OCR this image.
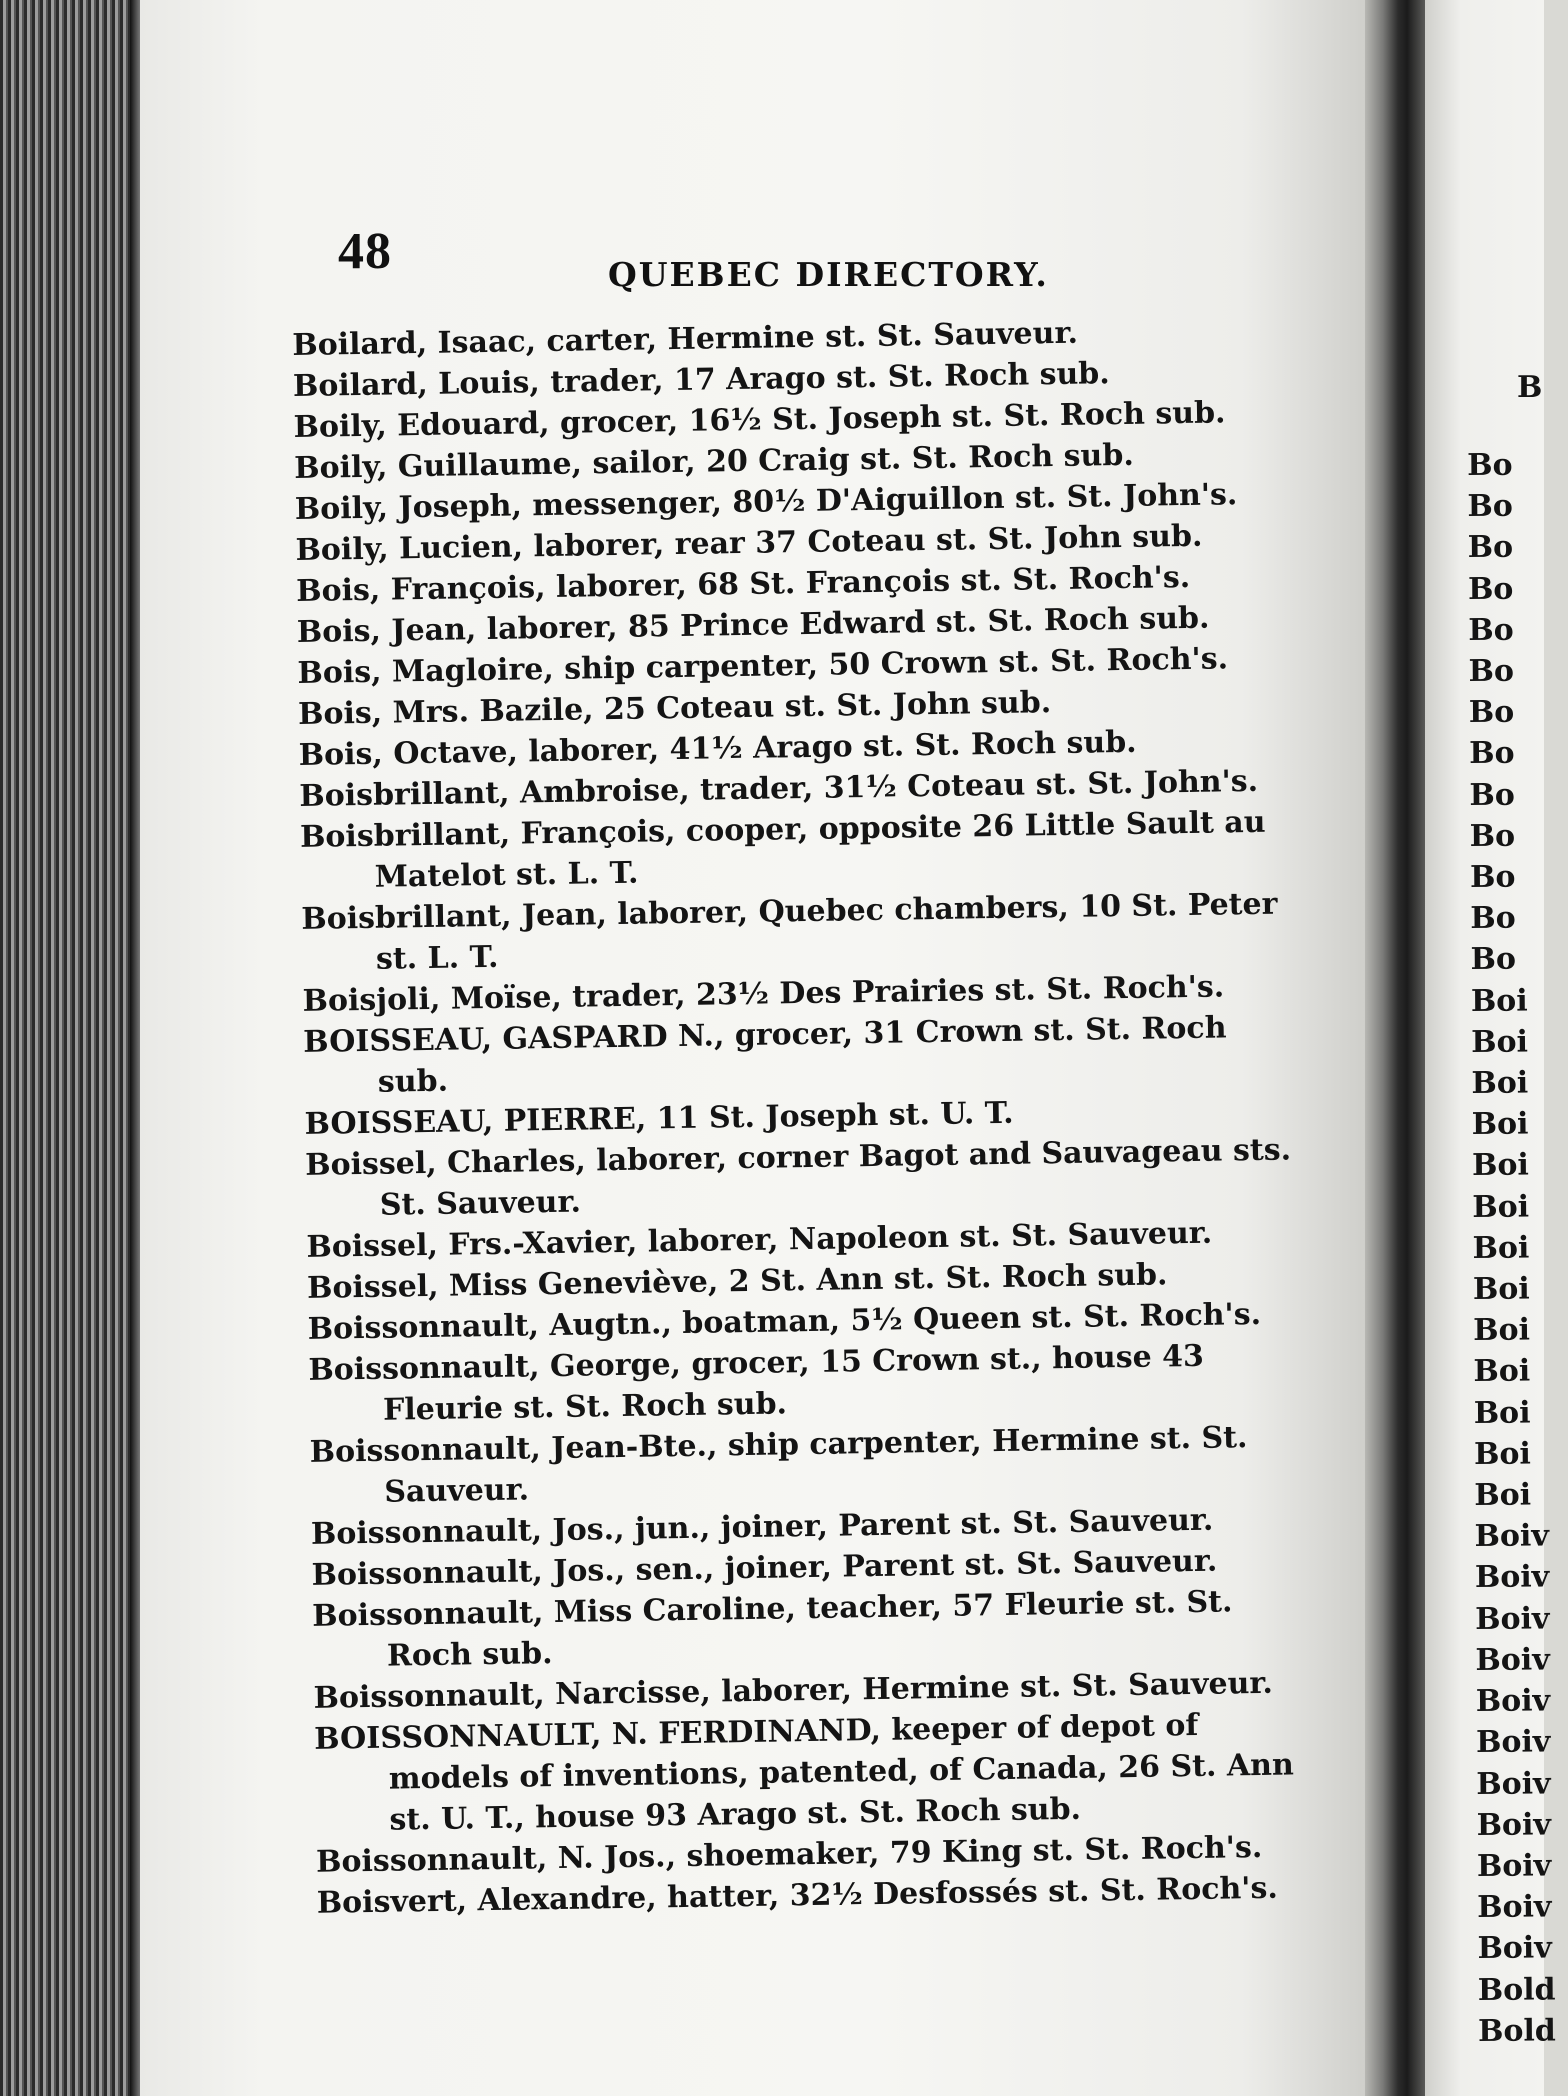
48	QUEBEC DIRECTORY.
Boilard, Isaac, carter, Hermine st. St. Sauveur.
Boilard, Louis, trader, 17 Arago st. St. Roch sub.
Boily, Edouard, grocer, 16½ St. Joseph st. St. Roch sub.
Boily, Guillaume, sailor, 20 Craig st. St. Roch sub.
Boily, Joseph, messenger, 80½ D'Aiguillon st. St. John's.
Boily, Lucien, laborer, rear 37 Coteau st. St. John sub.
Bois, François, laborer, 68 St. François st. St. Roch's.
Bois, Jean, laborer, 85 Prince Edward st. St. Roch sub.
Bois, Magloire, ship carpenter, 50 Crown st. St. Roch's.
Bois, Mrs. Bazile, 25 Coteau st. St. John sub.
Bois, Octave, laborer, 41½ Arago st. St. Roch sub.
Boisbrillant, Ambroise, trader, 31½ Coteau st. St. John's.
Boisbrillant, François, cooper, opposite 26 Little Sault au Matelot st. L. T.
Boisbrillant, Jean, laborer, Quebec chambers, 10 St. Peter st. L. T.
Boisjoli, Moïse, trader, 23½ Des Prairies st. St. Roch's.
BOISSEAU, GASPARD N., grocer, 31 Crown st. St. Roch sub.
BOISSEAU, PIERRE, 11 St. Joseph st. U. T.
Boissel, Charles, laborer, corner Bagot and Sauvageau sts. St. Sauveur.
Boissel, Frs.-Xavier, laborer, Napoleon st. St. Sauveur.
Boissel, Miss Geneviève, 2 St. Ann st. St. Roch sub.
Boissonnault, Augtn., boatman, 5½ Queen st. St. Roch's.
Boissonnault, George, grocer, 15 Crown st., house 43 Fleurie st. St. Roch sub.
Boissonnault, Jean-Bte., ship carpenter, Hermine st. St. Sauveur.
Boissonnault, Jos., jun., joiner, Parent st. St. Sauveur.
Boissonnault, Jos., sen., joiner, Parent st. St. Sauveur.
Boissonnault, Miss Caroline, teacher, 57 Fleurie st. St. Roch sub.
Boissonnault, Narcisse, laborer, Hermine st. St. Sauveur.
BOISSONNAULT, N. FERDINAND, keeper of depot of models of inventions, patented, of Canada, 26 St. Ann st. U. T., house 93 Arago st. St. Roch sub.
Boissonnault, N. Jos., shoemaker, 79 King st. St. Roch's.
Boisvert, Alexandre, hatter, 32½ Desfossés st. St. Roch's.
B
Bo
Bo
Bo
Bo
Bo
Bo
Bo
Bo
Bo
Bo
Bo
Bo
Bo
Boi
Boi
Boi
Boi
Boi
Boi
Boi
Boi
Boi
Boi
Boi
Boi
Boi
Boiv
Boiv
Boiv
Boiv
Boiv
Boiv
Boiv
Boiv
Boiv
Boiv
Boiv
Bold
Bold
